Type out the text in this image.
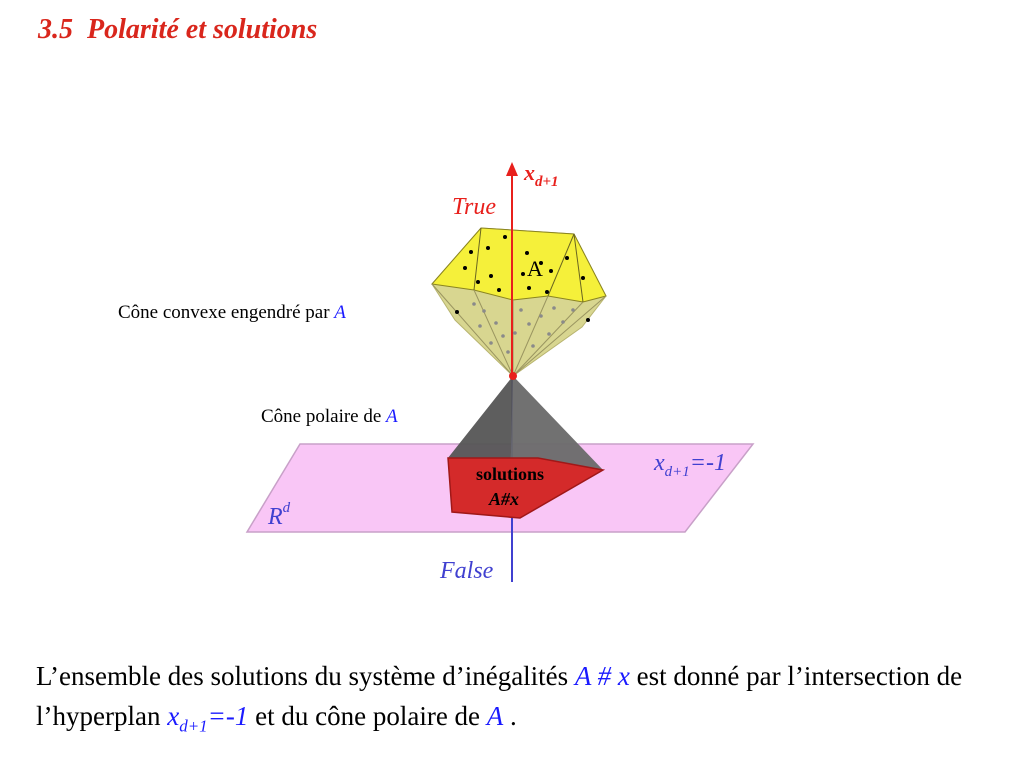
3.5 Polarité et solutions
solutions
A#x
A
xd+1
True
False
Rd
xd+1=-1
Cône convexe engendré par A
Cône polaire de A
L’ensemble des solutions du système d’inégalités A # x est donné par l’intersection de l’hyperplan $x_{d+1}=-1$ et du cône polaire de A .
